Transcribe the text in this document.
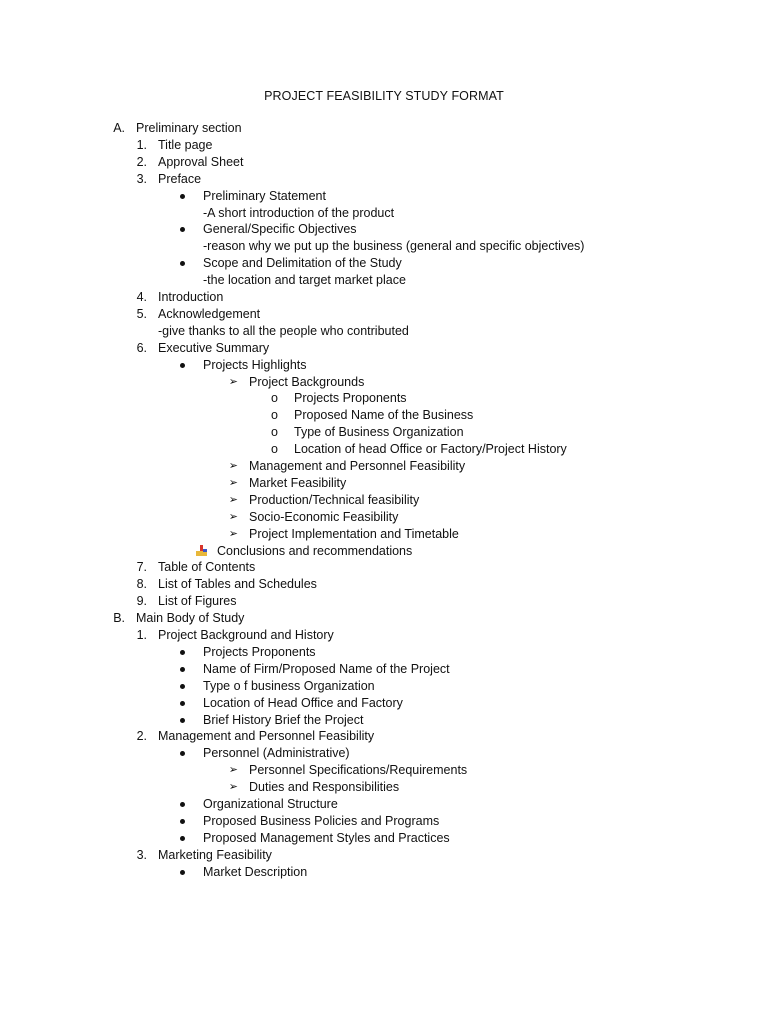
PROJECT FEASIBILITY STUDY FORMAT
A. Preliminary section
1. Title page
2. Approval Sheet
3. Preface
Preliminary Statement
-A short introduction of the product
General/Specific Objectives
-reason why we put up the business (general and specific objectives)
Scope and Delimitation of the Study
-the location and target market place
4. Introduction
5. Acknowledgement
-give thanks to all the people who contributed
6. Executive Summary
Projects Highlights
➢ Project Backgrounds
o Projects Proponents
o Proposed Name of the Business
o Type of Business Organization
o Location of head Office or Factory/Project History
➢ Management and Personnel Feasibility
➢ Market Feasibility
➢ Production/Technical feasibility
➢ Socio-Economic Feasibility
➢ Project Implementation and Timetable
Conclusions and recommendations
7. Table of Contents
8. List of Tables and Schedules
9. List of Figures
B. Main Body of Study
1. Project Background and History
Projects Proponents
Name of Firm/Proposed Name of the Project
Type o f business Organization
Location of Head Office and Factory
Brief History Brief the Project
2. Management and Personnel Feasibility
Personnel (Administrative)
➢ Personnel Specifications/Requirements
➢ Duties and Responsibilities
Organizational Structure
Proposed Business Policies and Programs
Proposed Management Styles and Practices
3. Marketing Feasibility
Market Description
